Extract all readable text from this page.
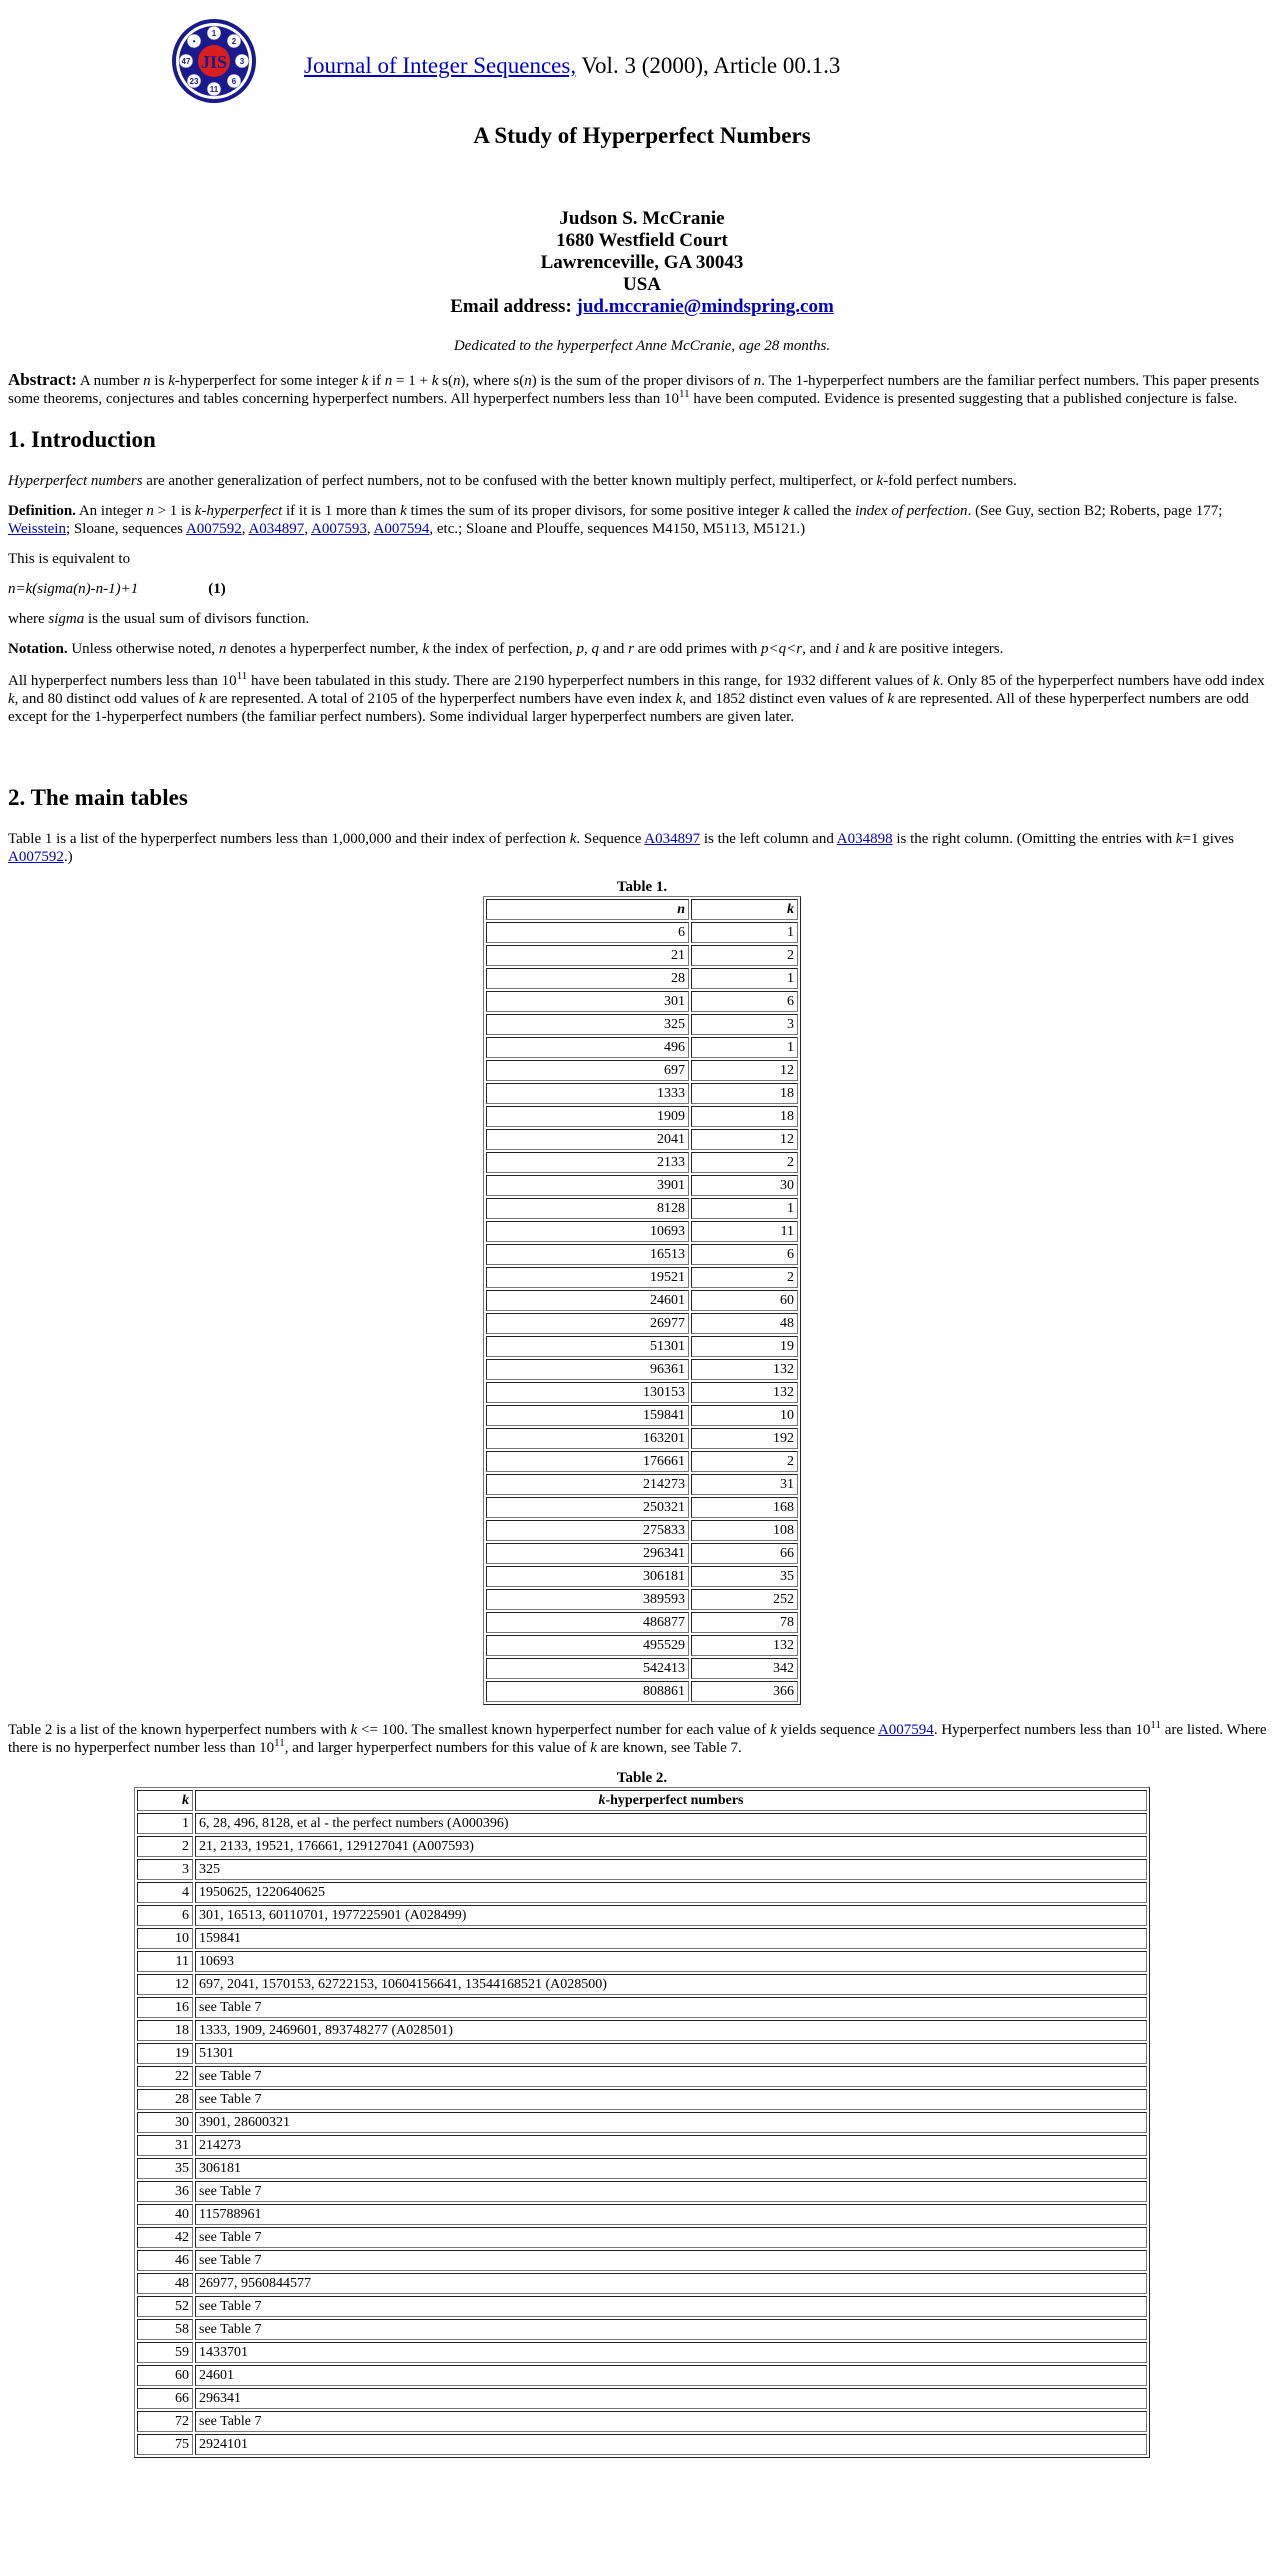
JIS
1
2
3
6
11
23
47
•
Journal of Integer Sequences, Vol. 3 (2000), Article 00.1.3
A Study of Hyperperfect Numbers
Judson S. McCranie
1680 Westfield Court
Lawrenceville, GA 30043
USA
Email address: jud.mccranie@mindspring.com
Dedicated to the hyperperfect Anne McCranie, age 28 months.

Abstract: A number n is k-hyperperfect for some integer k if n = 1 + k s(n), where s(n) is the sum of the proper divisors of n. The 1-hyperperfect numbers are the familiar perfect numbers. This paper presents some theorems, conjectures and tables concerning hyperperfect numbers. All hyperperfect numbers less than $10^{11}$ have been computed. Evidence is presented suggesting that a published conjecture is false.

1. Introduction

Hyperperfect numbers are another generalization of perfect numbers, not to be confused with the better known multiply perfect, multiperfect, or k-fold perfect numbers.

Definition. An integer n > 1 is k-hyperperfect if it is 1 more than k times the sum of its proper divisors, for some positive integer k called the index of perfection. (See Guy, section B2; Roberts, page 177; Weisstein; Sloane, sequences A007592, A034897, A007593, A007594, etc.; Sloane and Plouffe, sequences M4150, M5113, M5121.)

This is equivalent to

n=k(sigma(n)-n-1)+1	(1)

where sigma is the usual sum of divisors function.

Notation. Unless otherwise noted, n denotes a hyperperfect number, k the index of perfection, p, q and r are odd primes with p<q<r, and i and k are positive integers.

All hyperperfect numbers less than $10^{11}$ have been tabulated in this study. There are 2190 hyperperfect numbers in this range, for 1932 different values of k. Only 85 of the hyperperfect numbers have odd index k, and 80 distinct odd values of k are represented. A total of 2105 of the hyperperfect numbers have even index k, and 1852 distinct even values of k are represented. All of these hyperperfect numbers are odd except for the 1-hyperperfect numbers (the familiar perfect numbers). Some individual larger hyperperfect numbers are given later.

2. The main tables

Table 1 is a list of the hyperperfect numbers less than 1,000,000 and their index of perfection k. Sequence A034897 is the left column and A034898 is the right column. (Omitting the entries with k=1 gives A007592.)

Table 1.
n	k
6	1
21	2
28	1
301	6
325	3
496	1
697	12
1333	18
1909	18
2041	12
2133	2
3901	30
8128	1
10693	11
16513	6
19521	2
24601	60
26977	48
51301	19
96361	132
130153	132
159841	10
163201	192
176661	2
214273	31
250321	168
275833	108
296341	66
306181	35
389593	252
486877	78
495529	132
542413	342
808861	366

Table 2 is a list of the known hyperperfect numbers with k <= 100. The smallest known hyperperfect number for each value of k yields sequence A007594. Hyperperfect numbers less than $10^{11}$ are listed. Where there is no hyperperfect number less than $10^{11}$, and larger hyperperfect numbers for this value of k are known, see Table 7.

Table 2.
k	k-hyperperfect numbers
1	6, 28, 496, 8128, et al - the perfect numbers (A000396)
2	21, 2133, 19521, 176661, 129127041 (A007593)
3	325
4	1950625, 1220640625
6	301, 16513, 60110701, 1977225901 (A028499)
10	159841
11	10693
12	697, 2041, 1570153, 62722153, 10604156641, 13544168521 (A028500)
16	see Table 7
18	1333, 1909, 2469601, 893748277 (A028501)
19	51301
22	see Table 7
28	see Table 7
30	3901, 28600321
31	214273
35	306181
36	see Table 7
40	115788961
42	see Table 7
46	see Table 7
48	26977, 9560844577
52	see Table 7
58	see Table 7
59	1433701
60	24601
66	296341
72	see Table 7
75	2924101
